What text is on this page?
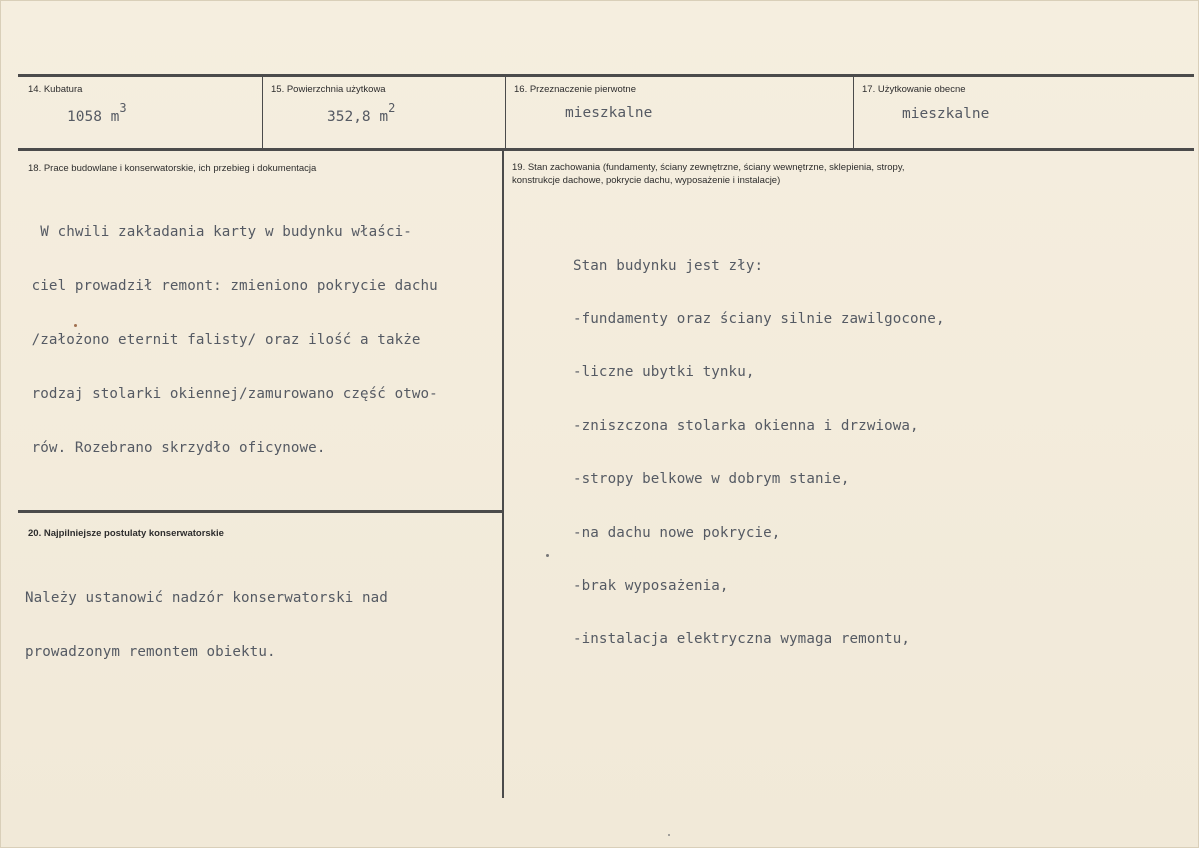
14. Kubatura
1058 $m^3$
15. Powierzchnia użytkowa
352,8 $m^2$
16. Przeznaczenie pierwotne
mieszkalne
17. Użytkowanie obecne
mieszkalne
18. Prace budowlane i konserwatorskie, ich przebieg i dokumentacja

W chwili zakładania karty w budynku właści-

ciel prowadził remont: zmieniono pokrycie dachu

/założono eternit falisty/ oraz ilość a także

rodzaj stolarki okiennej/zamurowano część otwo-

rów. Rozebrano skrzydło oficynowe.

19. Stan zachowania (fundamenty, ściany zewnętrzne, ściany wewnętrzne, sklepienia, stropy,
konstrukcje dachowe, pokrycie dachu, wyposażenie i instalacje)

Stan budynku jest zły:

-fundamenty oraz ściany silnie zawilgocone,

-liczne ubytki tynku,

-zniszczona stolarka okienna i drzwiowa,

-stropy belkowe w dobrym stanie,

-na dachu nowe pokrycie,

-brak wyposażenia,

-instalacja elektryczna wymaga remontu,

20. Najpilniejsze postulaty konserwatorskie

Należy ustanowić nadzór konserwatorski nad

prowadzonym remontem obiektu.
